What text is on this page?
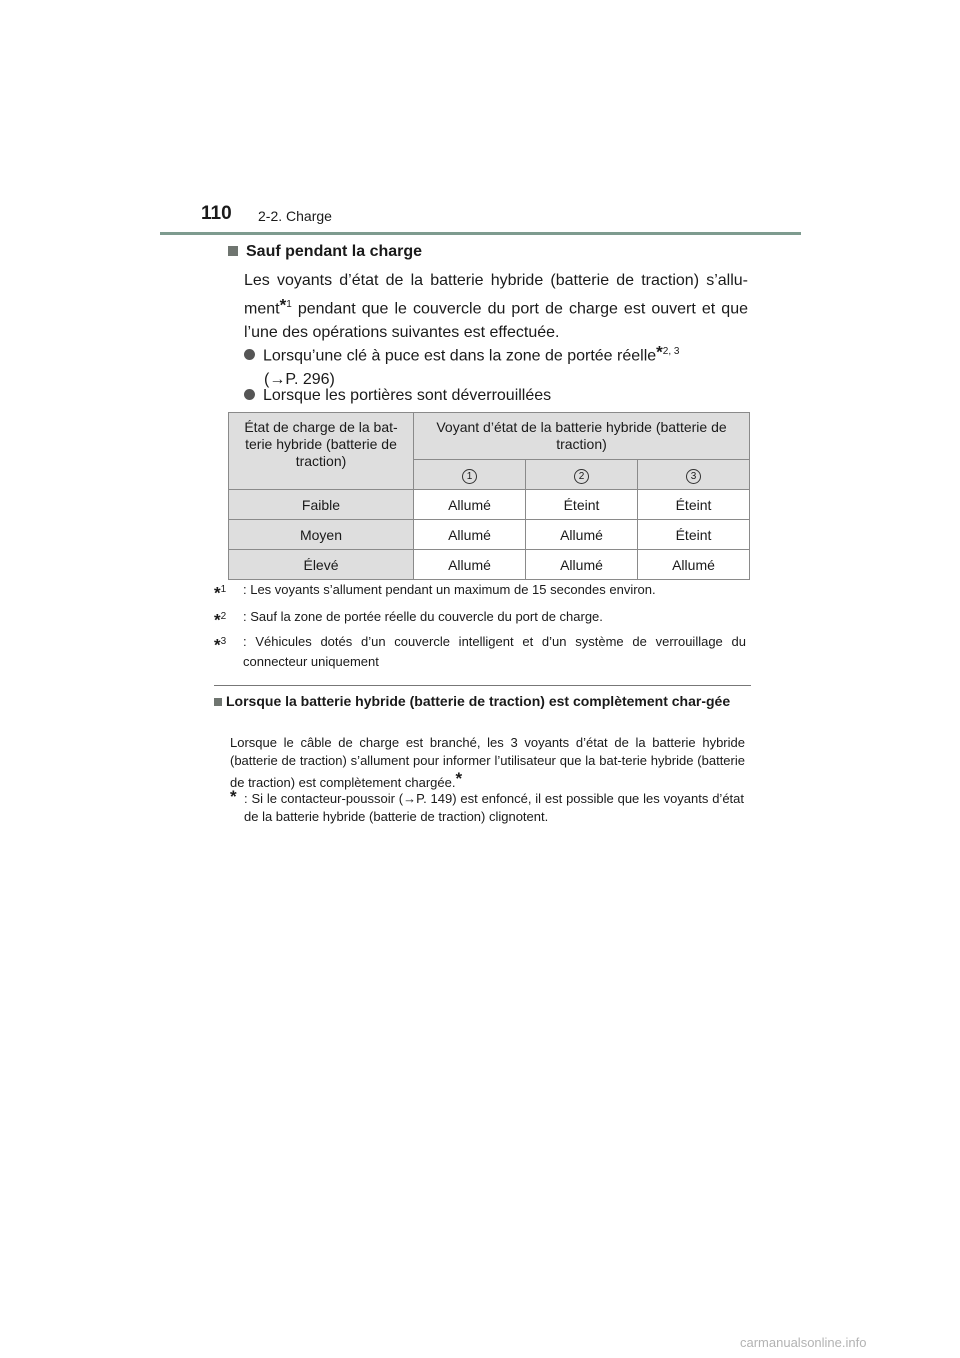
110 2-2. Charge
Sauf pendant la charge
Les voyants d’état de la batterie hybride (batterie de traction) s’allu-ment*$^1$ pendant que le couvercle du port de charge est ouvert et que l’une des opérations suivantes est effectuée.
Lorsqu’une clé à puce est dans la zone de portée réelle*$^{2, 3}$
(→P. 296)
Lorsque les portières sont déverrouillées
État de charge de la bat-terie hybride (batterie de traction)	Voyant d’état de la batterie hybride (batterie de traction)		
	1	2	3
Faible	Allumé	Éteint	Éteint
Moyen	Allumé	Allumé	Éteint
Élevé	Allumé	Allumé	Allumé
*$^1$ : Les voyants s’allument pendant un maximum de 15 secondes environ.
*$^2$ : Sauf la zone de portée réelle du couvercle du port de charge.
*$^3$ : Véhicules dotés d’un couvercle intelligent et d’un système de verrouillage du connecteur uniquement
Lorsque la batterie hybride (batterie de traction) est complètement char-gée
Lorsque le câble de charge est branché, les 3 voyants d’état de la batterie hybride (batterie de traction) s’allument pour informer l’utilisateur que la bat-terie hybride (batterie de traction) est complètement chargée.*
* : Si le contacteur-poussoir (→P. 149) est enfoncé, il est possible que les voyants d’état de la batterie hybride (batterie de traction) clignotent.
carmanualsonline.info
